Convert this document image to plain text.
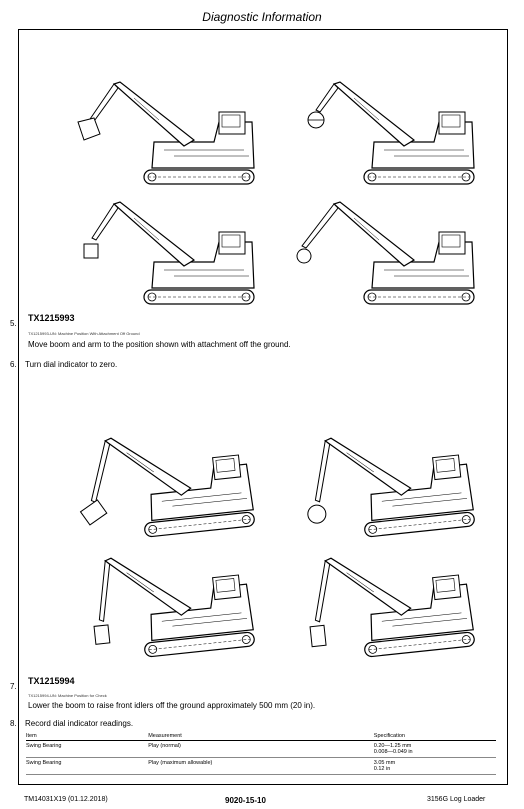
Diagnostic Information
5.
TX1215993
TX1215993-UN: Machine Position With Attachment Off Ground
Move boom and arm to the position shown with attachment off the ground.
6. Turn dial indicator to zero.
7.
TX1215994
TX1215994-UN: Machine Position for Check
Lower the boom to raise front idlers off the ground approximately 500 mm (20 in).
8. Record dial indicator readings.
Item	Measurement	Specification
Swing Bearing	Play (normal)	0.20—1.25 mm
0.008—0.049 in

Swing Bearing	Play (maximum allowable)	3.05 mm
0.12 in
TM14031X19 (01.12.2018)	9020-15-10	3156G Log Loader
